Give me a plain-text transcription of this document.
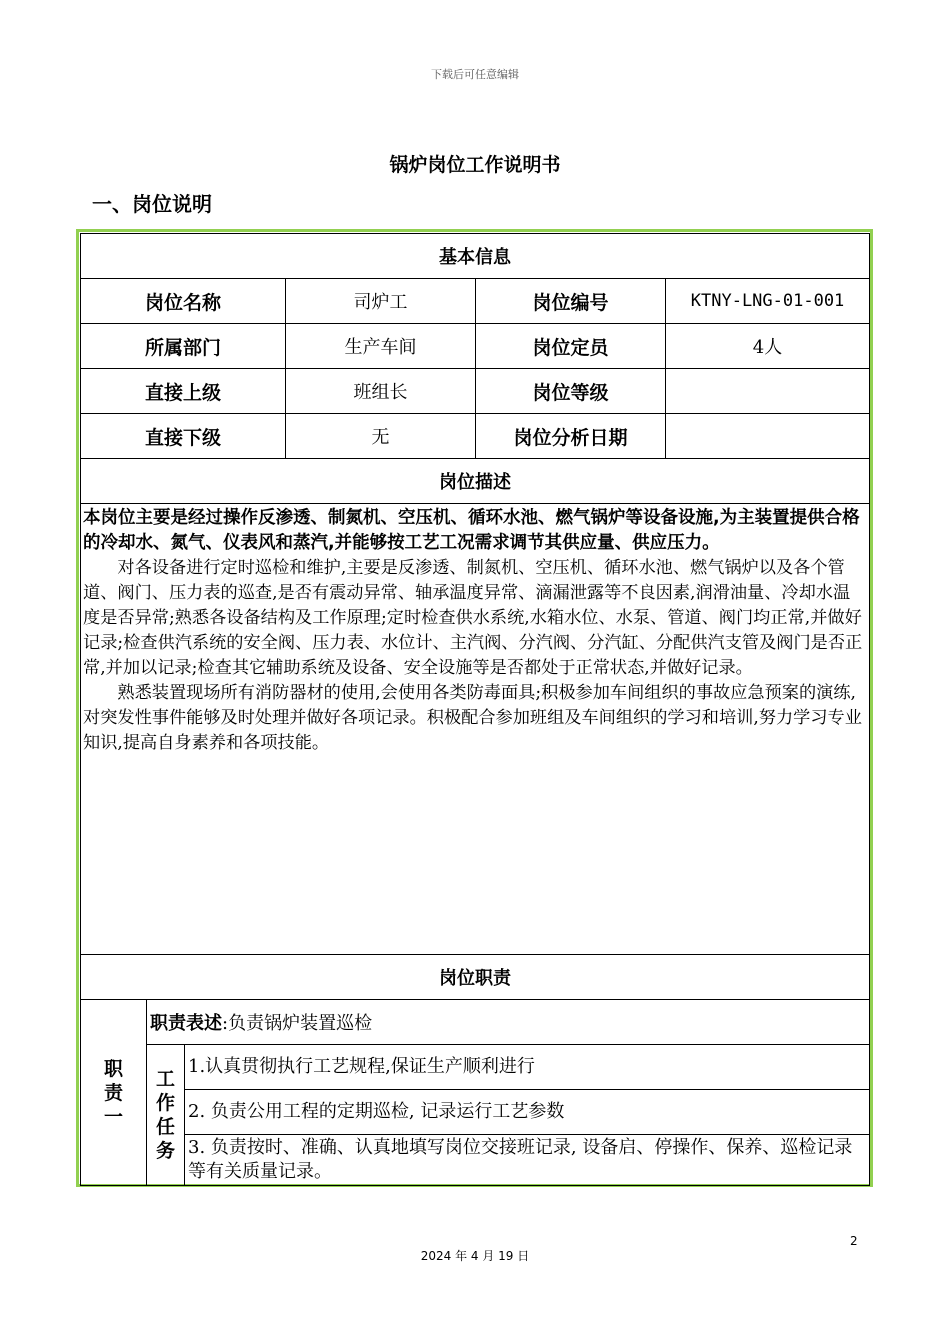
下载后可任意编辑
锅炉岗位工作说明书
一、岗位说明
基本信息					
岗位名称			司炉工	岗位编号	KTNY-LNG-01-001
所属部门			生产车间	岗位定员	4人
直接上级			班组长	岗位等级	
直接下级			无	岗位分析日期	
岗位描述					

本岗位主要是经过操作反渗透、制氮机、空压机、循环水池、燃气锅炉等设备设施,为主装置提供合格的冷却水、氮气、仪表风和蒸汽,并能够按工艺工况需求调节其供应量、供应压力。

对各设备进行定时巡检和维护,主要是反渗透、制氮机、空压机、循环水池、燃气锅炉以及各个管道、阀门、压力表的巡查,是否有震动异常、轴承温度异常、滴漏泄露等不良因素,润滑油量、冷却水温度是否异常;熟悉各设备结构及工作原理;定时检查供水系统,水箱水位、水泵、管道、阀门均正常,并做好记录;检查供汽系统的安全阀、压力表、水位计、主汽阀、分汽阀、分汽缸、分配供汽支管及阀门是否正常,并加以记录;检查其它辅助系统及设备、安全设施等是否都处于正常状态,并做好记录。

熟悉装置现场所有消防器材的使用,会使用各类防毒面具;积极参加车间组织的事故应急预案的演练,对突发性事件能够及时处理并做好各项记录。积极配合参加班组及车间组织的学习和培训,努力学习专业知识,提高自身素养和各项技能。					

岗位职责					

职责一	职责表述:负责锅炉装置巡检				

	工作任务	1.认真贯彻执行工艺规程,保证生产顺利进行			
		2. 负责公用工程的定期巡检, 记录运行工艺参数			
		3. 负责按时、准确、认真地填写岗位交接班记录, 设备启、停操作、保养、巡检记录等有关质量记录。			
2
2024 年 4 月 19 日
